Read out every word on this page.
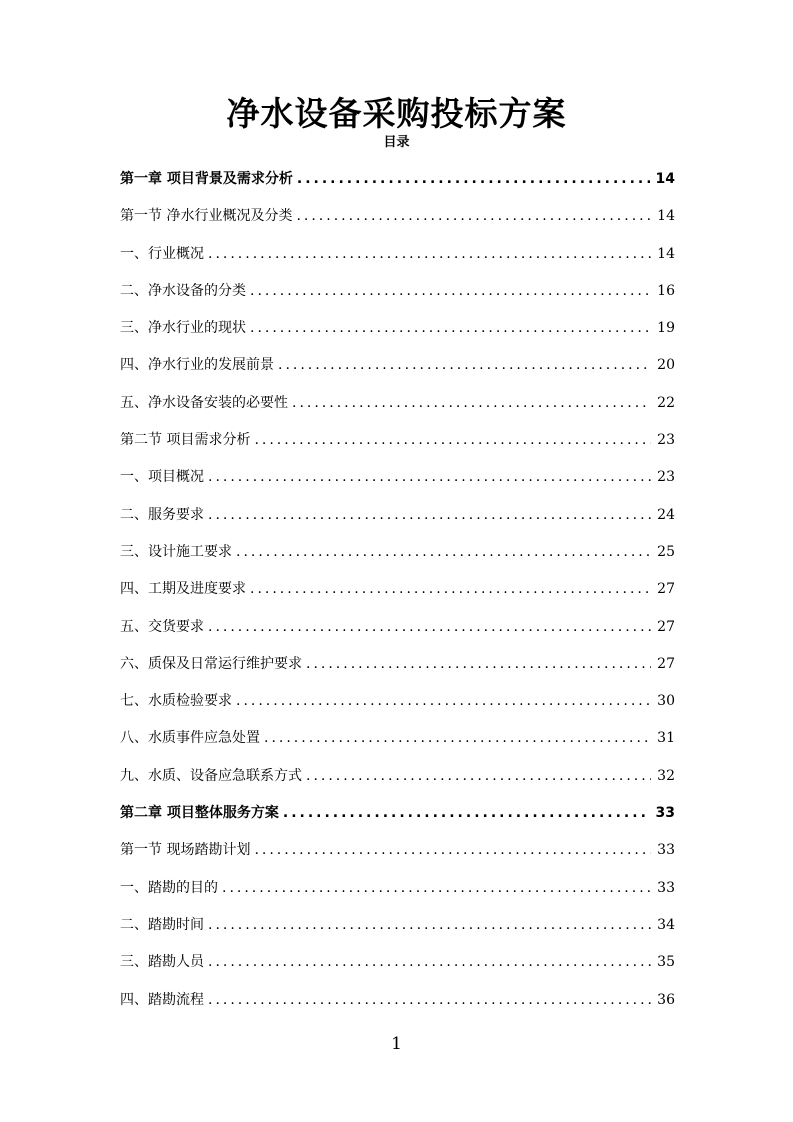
净水设备采购投标方案
目录
第一章 项目背景及需求分析 .....	14
第一节 净水行业概况及分类 .....	14
一、行业概况 .....	14
二、净水设备的分类 .....	16
三、净水行业的现状 .....	19
四、净水行业的发展前景 .....	20
五、净水设备安装的必要性 .....	22
第二节 项目需求分析 .....	23
一、项目概况 .....	23
二、服务要求 .....	24
三、设计施工要求 .....	25
四、工期及进度要求 .....	27
五、交货要求 .....	27
六、质保及日常运行维护要求 .....	27
七、水质检验要求 .....	30
八、水质事件应急处置 .....	31
九、水质、设备应急联系方式 .....	32
第二章 项目整体服务方案 .....	33
第一节 现场踏勘计划 .....	33
一、踏勘的目的 .....	33
二、踏勘时间 .....	34
三、踏勘人员 .....	35
四、踏勘流程 .....	36
1
